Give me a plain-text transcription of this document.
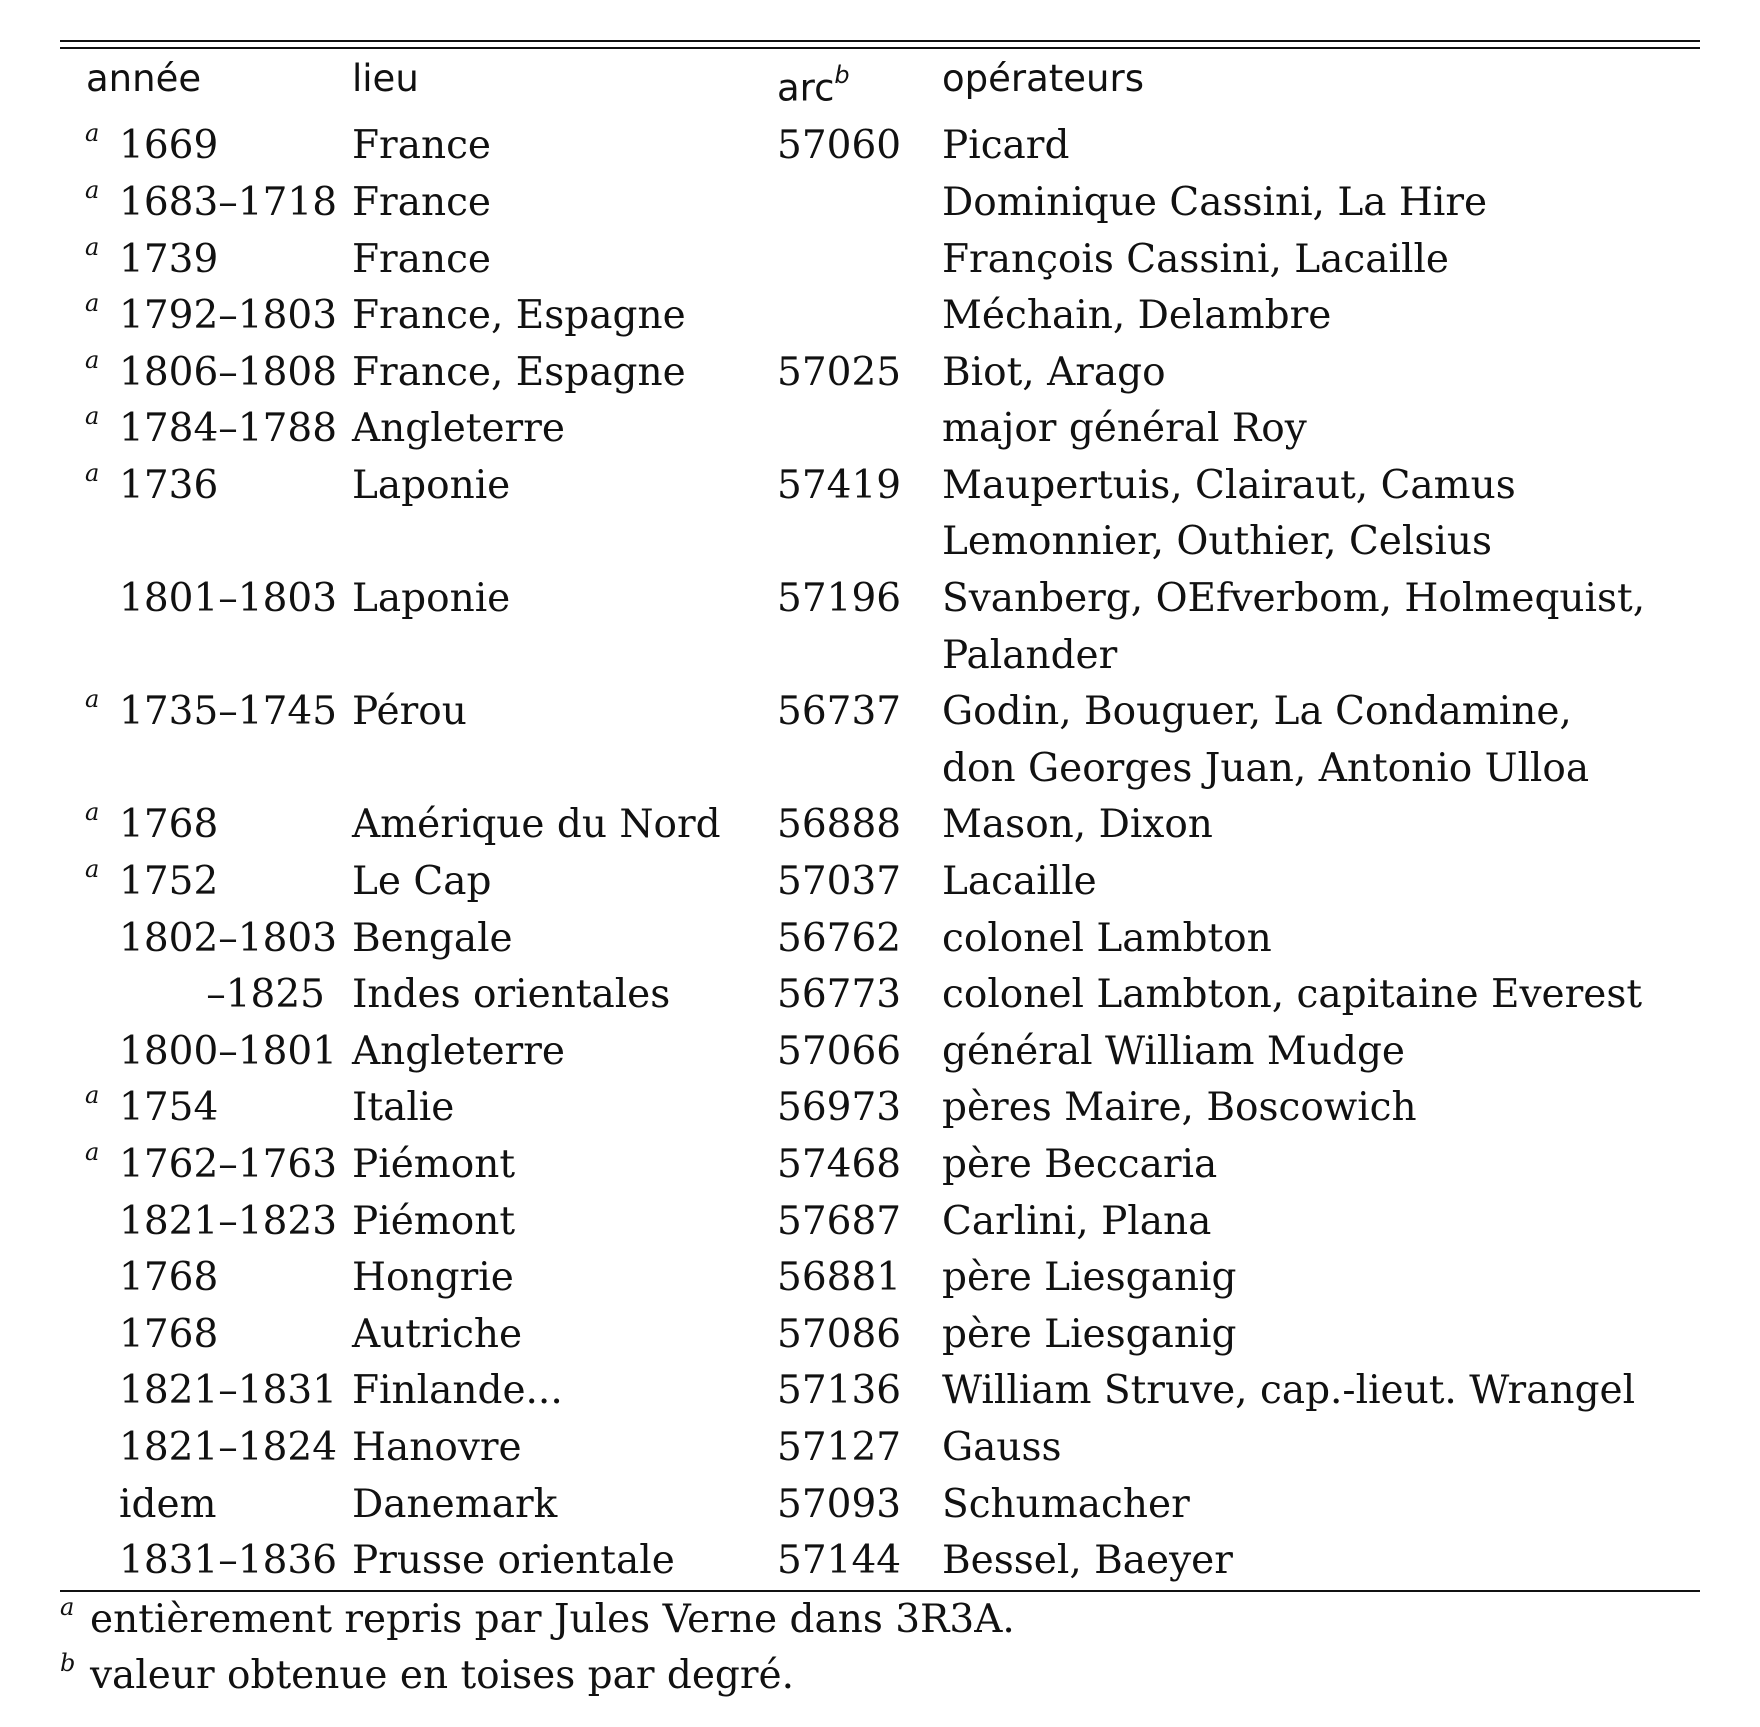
année	lieu	arc$^b$	opérateurs
a 1669	France	57060	Picard

a 1683–1718	France		Dominique Cassini, La Hire

a 1739	France		François Cassini, Lacaille

a 1792–1803	France, Espagne		Méchain, Delambre

a 1806–1808	France, Espagne	57025	Biot, Arago

a 1784–1788	Angleterre		major général Roy

a 1736	Laponie	57419	Maupertuis, Clairaut, Camus
Lemonnier, Outhier, Celsius

1801–1803	Laponie	57196	Svanberg, OEfverbom, Holmequist,
Palander

a 1735–1745	Pérou	56737	Godin, Bouguer, La Condamine,
don Georges Juan, Antonio Ulloa

a 1768	Amérique du Nord	56888	Mason, Dixon

a 1752	Le Cap	57037	Lacaille

1802–1803	Bengale	56762	colonel Lambton

–1825	Indes orientales	56773	colonel Lambton, capitaine Everest

1800–1801	Angleterre	57066	général William Mudge

a 1754	Italie	56973	pères Maire, Boscowich

a 1762–1763	Piémont	57468	père Beccaria

1821–1823	Piémont	57687	Carlini, Plana

1768	Hongrie	56881	père Liesganig

1768	Autriche	57086	père Liesganig

1821–1831	Finlande...	57136	William Struve, cap.-lieut. Wrangel

1821–1824	Hanovre	57127	Gauss

idem	Danemark	57093	Schumacher

1831–1836	Prusse orientale	57144	Bessel, Baeyer
a entièrement repris par Jules Verne dans 3R3A.
b valeur obtenue en toises par degré.
